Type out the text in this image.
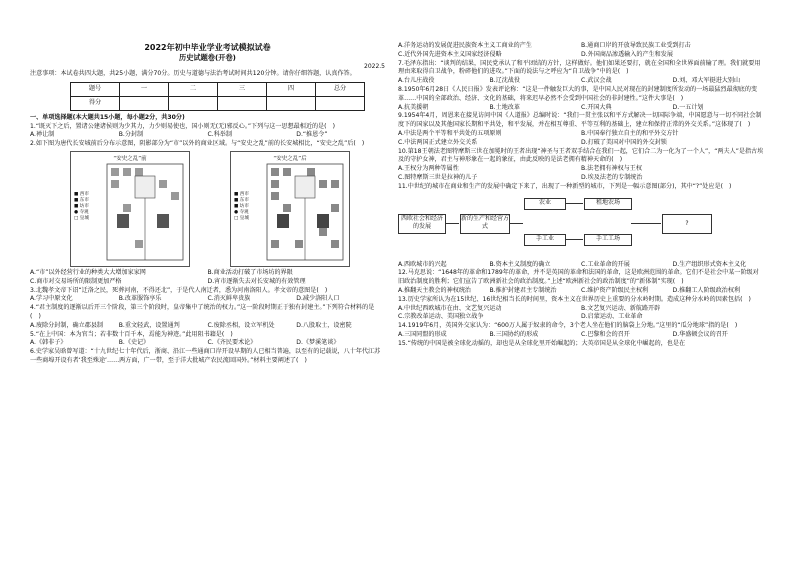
2022年初中毕业学业考试模拟试卷
历史试题卷(开卷)
2022.5

注意事项：本试卷共四大题，共25小题，满分70分。历史与道德与法治考试时间共120分钟。请你仔细答题，认真作答。

题号	一	二	三	四	总分
得分					

一、单项选择题(本大题共15小题，每小题2分，共30分)

1.“既灭下之后，置诸公建诸侯则为少其力，力少则易使也，国小则无(无)邪反心。”下列与这一思想最相近的是(　)

A.禅让制	B.分封制	C.科举制	D.“推恩令”

2.如下图为唐代长安城前后分布示意图，阴影部分为“市”以外的商业区域。与“安史之乱”前的长安城相比，“安史之乱”后(　)

“安史之乱”前
■ 西市
■ 东市
■ 坊市
● 寺观
□ 皇城
“安史之乱”后
■ 西市
■ 东市
■ 坊市
● 寺观
□ 皇城
A.“市”以外经营行业的种类大大增加家家网	B.商业活动打破了市场坊的界限
C.商市对交易场所的限制更加严格	D.宵市逐渐失去对长安城的有效管理

3.北魏孝文帝下诏“迁洛之民，死葬河南，不得还北”，于是代人南迁者，悉为河南洛阳人。孝文帝的意图是(　)

A.学习中原文化	B.改革服饰享乐	C.消灭鲜卑贵族	D.减少洛阳人口

4.“君主制度的逐渐以后开三个阶段，第三个阶段时，皇帝集中了统治的权力。”这一阶段时期正于独有封建主。”下列符合材料的是(　)

A.废除分封制，确立郡县制	B.重文轻武，设置通判	C.废除丞相，设立军机处	D.八股取士，设密院

5.“在上中国：本为官当；若非数十百千本，焉能为神迹。”此用阻书籍是(　)

A.《韩非子》	B.《史记》	C.《齐民要术论》	D.《梦溪笔谈》

6.史学家吴晗曾写道：“十九世纪七十年代后，浙商、沿江一些通商口岸开设早期的人已相当普遍，以至有的记载说，八十年代江苏一些商埠开设有者‘我至殊途’……两方面，广一带，至于洋大批城产农民流回国外。”材料主要阐述了(　)

A.洋务运动的发展促进民族资本主义工商业的产生	B.通商口岸的开放导致民族工业受到打击
C.近代外国先进资本主义国家经济侵略	D.外国商品渗透输入的产生和发展

7.毛泽东指出：“谈判的结果，国民党承认了和平团结的方针，这样做好。他们如果还要打，就在全国和全世界面前输了理。我们就要用理由来取得自卫战争，粉碎他们的进攻。”下面的说法与之呼应为“自卫战争”中的是(　)

A.台儿庄战役	B.辽沈战役	C.武汉会战	D.刘、邓大军挺进大别山

8.1950年6月28日《人民日报》发表评论称：“这是一件触发巨大的事，是中国人民对现在的封建制度所发动的一场最猛烈最彻底的变革……中国的全部政治、经济、文化的基础，将来迟早必然不会受到中国社会的非封建性。”这件大事是(　)

A.抗美援朝	B.土地改革	C.开国大典	D.一五计划

9.1954年4月，周恩来在接见访问中国《人道报》总编时说：“我们一贯主张以和平方式解决一切国际争端，中国愿意与一切不同社会制度下的国家以及其他国家长期和平共处，和平发展，并在相互尊重、平等互利的基础上，建立和保持正常的外交关系。”这体现了(　)

A.中法是两个平等和平共处的五项原则	B.中国奉行独立自主的和平外交方针
C.中法两国正式建立外交关系	D.打破了美国对中国的外交封锁

10.第18王朝法老图特摩斯三世在加冕时的王者出现“神圣与王者双手结合在我们一起，它们合二为一化为了一个人”，“两夫人”是指古埃及的守护女神，君主与神形象在一起的象征，由此反映的是法老拥有精神天命的(　)

A.王权分为两种等属性	B.法老拥有神权与王权
C.图特摩斯三世是拉神的儿子	D.埃及法老的专制统治

11.中世纪的城市在商业和生产的发展中确定下来了，出现了一种新型的城市，下列是一幅示意图(部分)，其中“?”处应是(　)

西欧社会和经济的发展
新的生产和经营方式
农业	租地农场
手工业	手工工场
?
A.西欧城市的兴起	B.资本主义制度的确立	C.工业革命的开展	D.生产组织形式资本主义化

12.马克思说：“1648年的革命和1789年的革命，并不是英国的革命和法国的革命，这是欧洲范围的革命。它们不是社会中某一阶级对旧政治制度的胜利；它们宣告了欧洲新社会的政治制度。”上述“欧洲新社会的政治制度”的“新体制”实现(　)

A.推翻天主教会的神权统治	B.推护封建君主专制统治	C.维护资产阶级民主权利	D.推翻工人阶级政治权利

13.历史学家所认为在15世纪、16世纪相当长的时间里，资本主义在世界历史上重要的分水岭时期。造成这种分水岭的因素包括(　)

A.中世纪西欧城市在由、文艺复兴运动	B.文艺复兴运动、新航路开辟
C.宗教改革运动、美国独立战争	D.启蒙运动、工业革命

14.1919年6月，英国外交家认为：“600万人属于奴隶的命令，3个老人坐在他们的脑袋上分地。”这里的“瓜分地球”指的是(　)

A.三国同盟的形成	B.三国协约的形成	C.巴黎和会的召开	D.华盛顿会议的召开

15.“传统的中国是被全球化动摇的，却也是从全球化里开始崛起的；大英帝国是从全球化中崛起的，也是在
